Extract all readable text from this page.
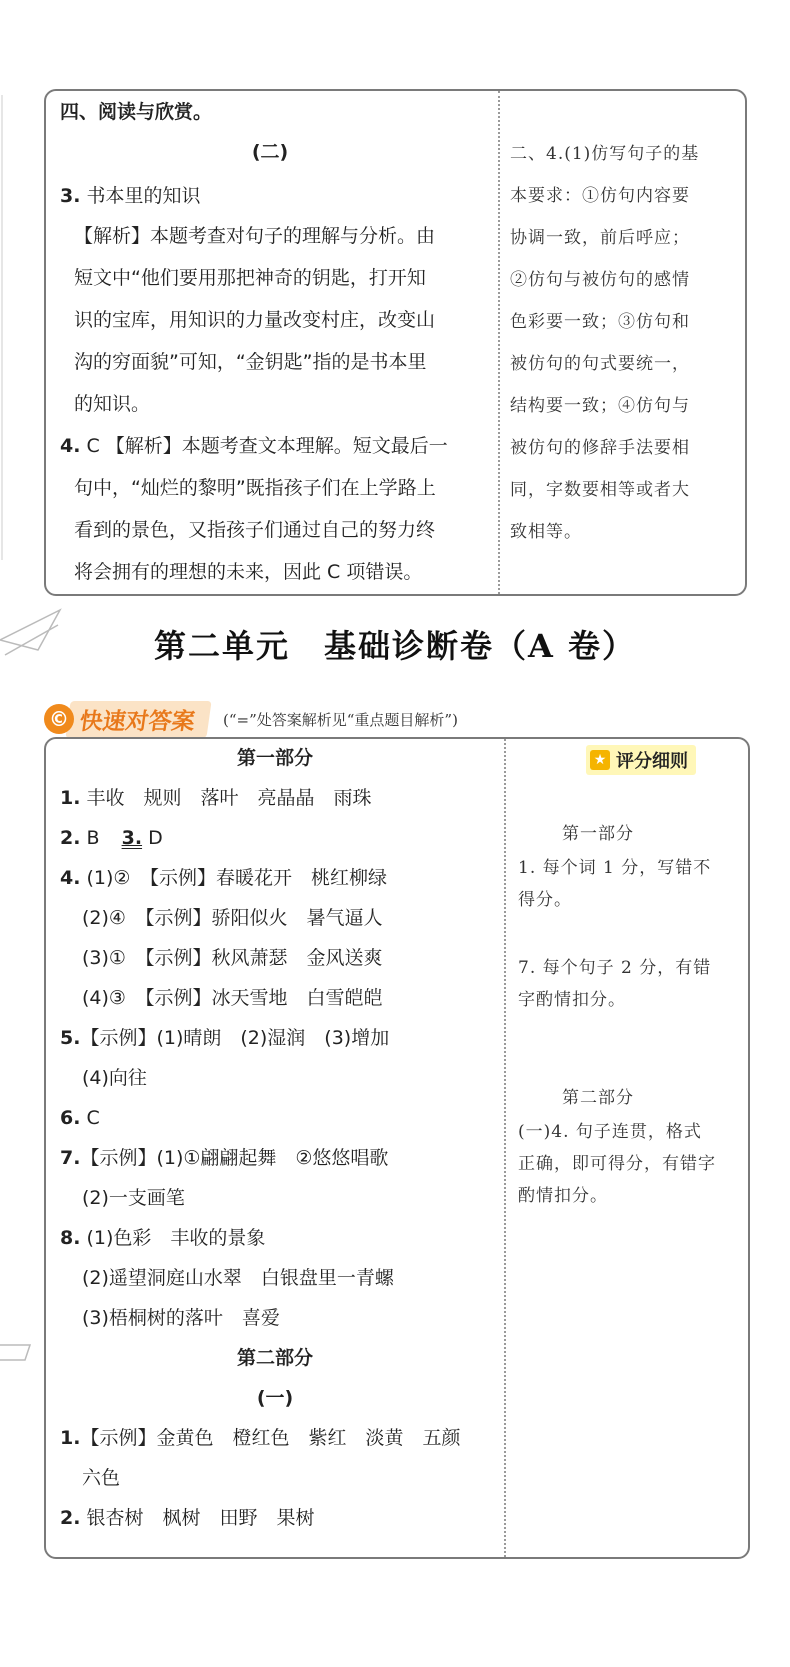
四、阅读与欣赏。
(二)
3. 书本里的知识
【解析】本题考查对句子的理解与分析。由
短文中“他们要用那把神奇的钥匙，打开知
识的宝库，用知识的力量改变村庄，改变山
沟的穷面貌”可知，“金钥匙”指的是书本里
的知识。
4. C 【解析】本题考查文本理解。短文最后一
句中，“灿烂的黎明”既指孩子们在上学路上
看到的景色，又指孩子们通过自己的努力终
将会拥有的理想的未来，因此 C 项错误。
二、4.(1)仿写句子的基
本要求：①仿句内容要
协调一致，前后呼应；
②仿句与被仿句的感情
色彩要一致；③仿句和
被仿句的句式要统一，
结构要一致；④仿句与
被仿句的修辞手法要相
同，字数要相等或者大
致相等。
第二单元　基础诊断卷（A 卷）
© 快速对答案	(“=”处答案解析见“重点题目解析”)
第一部分
1. 丰收　规则　落叶　亮晶晶　雨珠
2. B 3. D
4. (1)②　【示例】春暖花开　桃红柳绿
(2)④　【示例】骄阳似火　暑气逼人
(3)①　【示例】秋风萧瑟　金风送爽
(4)③　【示例】冰天雪地　白雪皑皑
5.【示例】(1)晴朗　(2)湿润　(3)增加
(4)向往
6. C
7.【示例】(1)①翩翩起舞　②悠悠唱歌
(2)一支画笔
8. (1)色彩　丰收的景象
(2)遥望洞庭山水翠　白银盘里一青螺
(3)梧桐树的落叶　喜爱
第二部分
(一)
1.【示例】金黄色　橙红色　紫红　淡黄　五颜
六色
2. 银杏树　枫树　田野　果树
第一部分
1. 每个词 1 分，写错不
得分。
7. 每个句子 2 分，有错
字酌情扣分。
第二部分
(一)4. 句子连贯，格式
正确，即可得分，有错字
酌情扣分。
★ 评分细则
